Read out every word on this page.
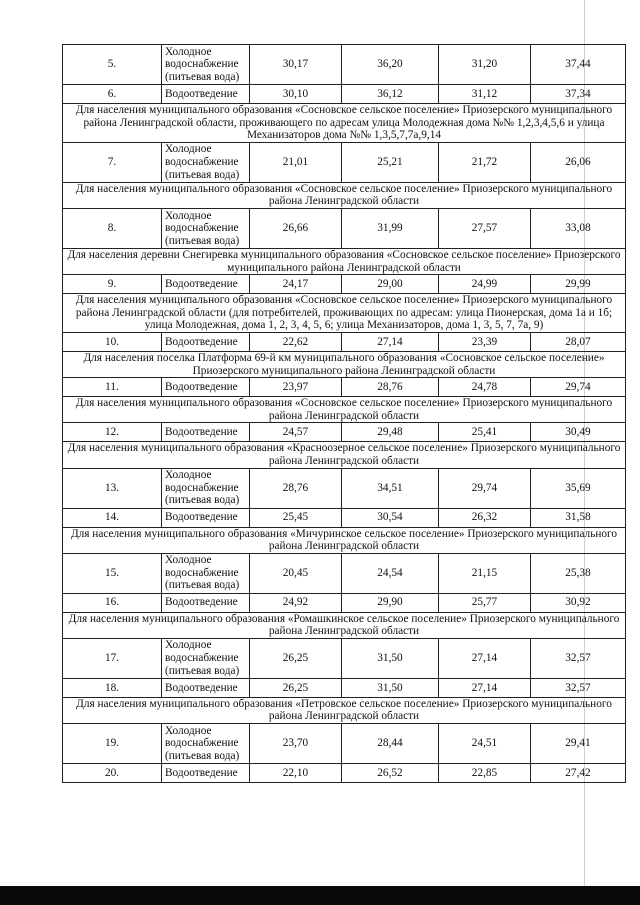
5.	Холодное водоснабжение (питьевая вода)	30,17	36,20	31,20	37,44
6.	Водоотведение	30,10	36,12	31,12	37,34
Для населения муниципального образования «Сосновское сельское поселение» Приозерского муниципального района Ленинградской области, проживающего по адресам улица Молодежная дома №№ 1,2,3,4,5,6 и улица Механизаторов дома №№ 1,3,5,7,7а,9,14					
7.	Холодное водоснабжение (питьевая вода)	21,01	25,21	21,72	26,06
Для населения муниципального образования «Сосновское сельское поселение» Приозерского муниципального района Ленинградской области					
8.	Холодное водоснабжение (питьевая вода)	26,66	31,99	27,57	33,08
Для населения деревни Снегиревка муниципального образования «Сосновское сельское поселение» Приозерского муниципального района Ленинградской области					
9.	Водоотведение	24,17	29,00	24,99	29,99
Для населения муниципального образования «Сосновское сельское поселение» Приозерского муниципального района Ленинградской области (для потребителей, проживающих по адресам: улица Пионерская, дома 1а и 1б; улица Молодежная, дома 1, 2, 3, 4, 5, 6; улица Механизаторов, дома 1, 3, 5, 7, 7а, 9)					
10.	Водоотведение	22,62	27,14	23,39	28,07
Для населения поселка Платформа 69-й км муниципального образования «Сосновское сельское поселение» Приозерского муниципального района Ленинградской области					
11.	Водоотведение	23,97	28,76	24,78	29,74
Для населения муниципального образования «Сосновское сельское поселение» Приозерского муниципального района Ленинградской области					
12.	Водоотведение	24,57	29,48	25,41	30,49
Для населения муниципального образования «Красноозерное сельское поселение» Приозерского муниципального района Ленинградской области					
13.	Холодное водоснабжение (питьевая вода)	28,76	34,51	29,74	35,69
14.	Водоотведение	25,45	30,54	26,32	31,58
Для населения муниципального образования «Мичуринское сельское поселение» Приозерского муниципального района Ленинградской области					
15.	Холодное водоснабжение (питьевая вода)	20,45	24,54	21,15	25,38
16.	Водоотведение	24,92	29,90	25,77	30,92
Для населения муниципального образования «Ромашкинское сельское поселение» Приозерского муниципального района Ленинградской области					
17.	Холодное водоснабжение (питьевая вода)	26,25	31,50	27,14	32,57
18.	Водоотведение	26,25	31,50	27,14	32,57
Для населения муниципального образования «Петровское сельское поселение» Приозерского муниципального района Ленинградской области					
19.	Холодное водоснабжение (питьевая вода)	23,70	28,44	24,51	29,41
20.	Водоотведение	22,10	26,52	22,85	27,42
